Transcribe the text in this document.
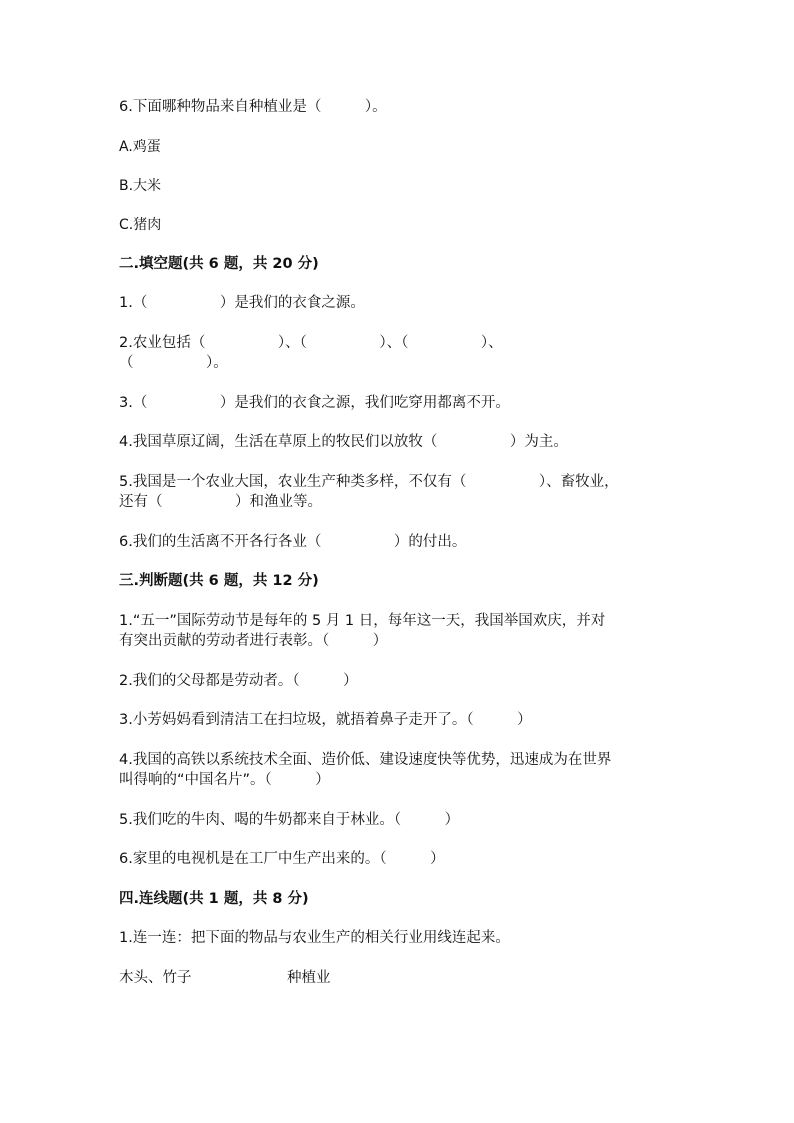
6.下面哪种物品来自种植业是（　　　）。
A.鸡蛋
B.大米
C.猪肉
二.填空题(共 6 题，共 20 分)
1.（　　　　　）是我们的衣食之源。
2.农业包括（　　　　　）、（　　　　　）、（　　　　　）、
（　　　　　）。
3.（　　　　　）是我们的衣食之源，我们吃穿用都离不开。
4.我国草原辽阔，生活在草原上的牧民们以放牧（　　　　　）为主。
5.我国是一个农业大国，农业生产种类多样，不仅有（　　　　　）、畜牧业，
还有（　　　　　）和渔业等。
6.我们的生活离不开各行各业（　　　　　）的付出。
三.判断题(共 6 题，共 12 分)
1.“五一”国际劳动节是每年的 5 月 1 日，每年这一天，我国举国欢庆，并对
有突出贡献的劳动者进行表彰。（　　　）
2.我们的父母都是劳动者。（　　　）
3.小芳妈妈看到清洁工在扫垃圾，就捂着鼻子走开了。（　　　）
4.我国的高铁以系统技术全面、造价低、建设速度快等优势，迅速成为在世界
叫得响的“中国名片”。（　　　）
5.我们吃的牛肉、喝的牛奶都来自于林业。（　　　）
6.家里的电视机是在工厂中生产出来的。（　　　）
四.连线题(共 1 题，共 8 分)
1.连一连：把下面的物品与农业生产的相关行业用线连起来。
木头、竹子	种植业
